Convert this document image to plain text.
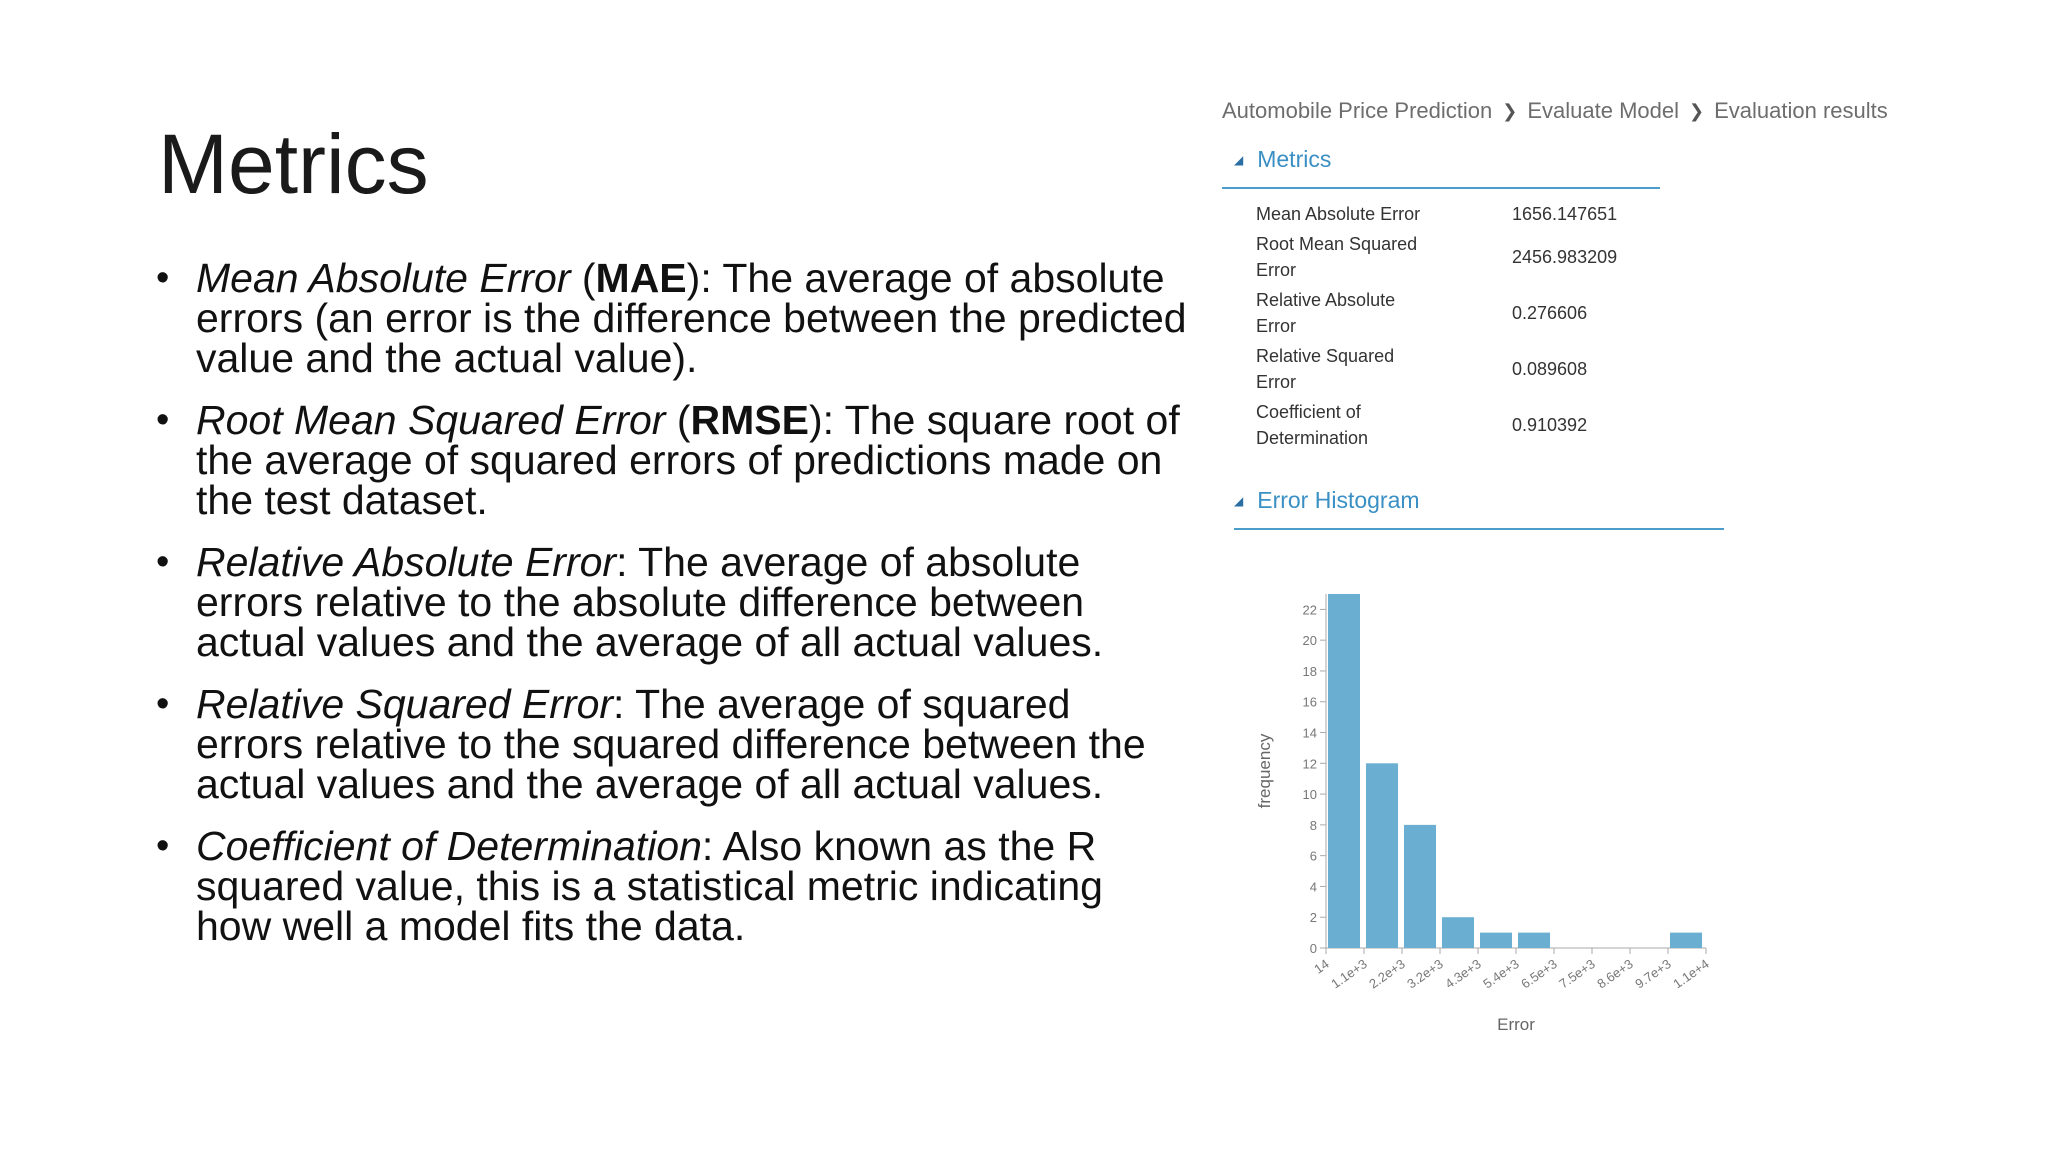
Metrics
• Mean Absolute Error (MAE): The average of absolute errors (an error is the difference between the predicted value and the actual value).
• Root Mean Squared Error (RMSE): The square root of the average of squared errors of predictions made on the test dataset.
• Relative Absolute Error: The average of absolute errors relative to the absolute difference between actual values and the average of all actual values.
• Relative Squared Error: The average of squared errors relative to the squared difference between the actual values and the average of all actual values.
• Coefficient of Determination: Also known as the R squared value, this is a statistical metric indicating how well a model fits the data.
Automobile Price Prediction ❯ Evaluate Model ❯ Evaluation results
◢ Metrics
Mean Absolute Error	1656.147651
Root Mean Squared
Error	2456.983209
Relative Absolute
Error	0.276606
Relative Squared
Error	0.089608
Coefficient of
Determination	0.910392
◢ Error Histogram
0
2
4
6
8
10
12
14
16
18
20
22
14
1.1e+3
2.2e+3
3.2e+3
4.3e+3
5.4e+3
6.5e+3
7.5e+3
8.6e+3
9.7e+3
1.1e+4
Error
frequency
